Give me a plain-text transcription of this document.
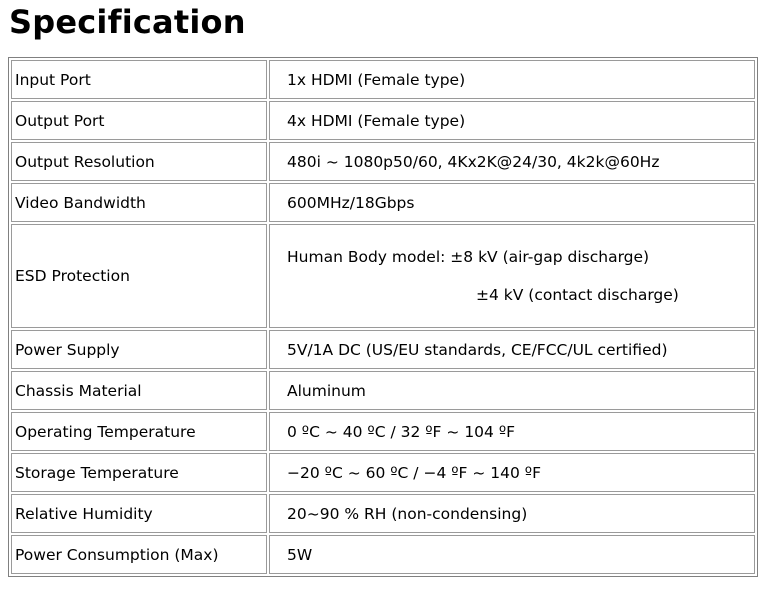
Specification
Input Port	1x HDMI (Female type)
Output Port	4x HDMI (Female type)
Output Resolution	480i ~ 1080p50/60, 4Kx2K@24/30, 4k2k@60Hz
Video Bandwidth	600MHz/18Gbps
ESD Protection	Human Body model: ±8 kV (air-gap discharge)
±4 kV (contact discharge)

Power Supply	5V/1A DC (US/EU standards, CE/FCC/UL certified)
Chassis Material	Aluminum
Operating Temperature	0 ºC ~ 40 ºC / 32 ºF ~ 104 ºF
Storage Temperature	−20 ºC ~ 60 ºC / −4 ºF ~ 140 ºF
Relative Humidity	20~90 % RH (non-condensing)
Power Consumption (Max)	5W
